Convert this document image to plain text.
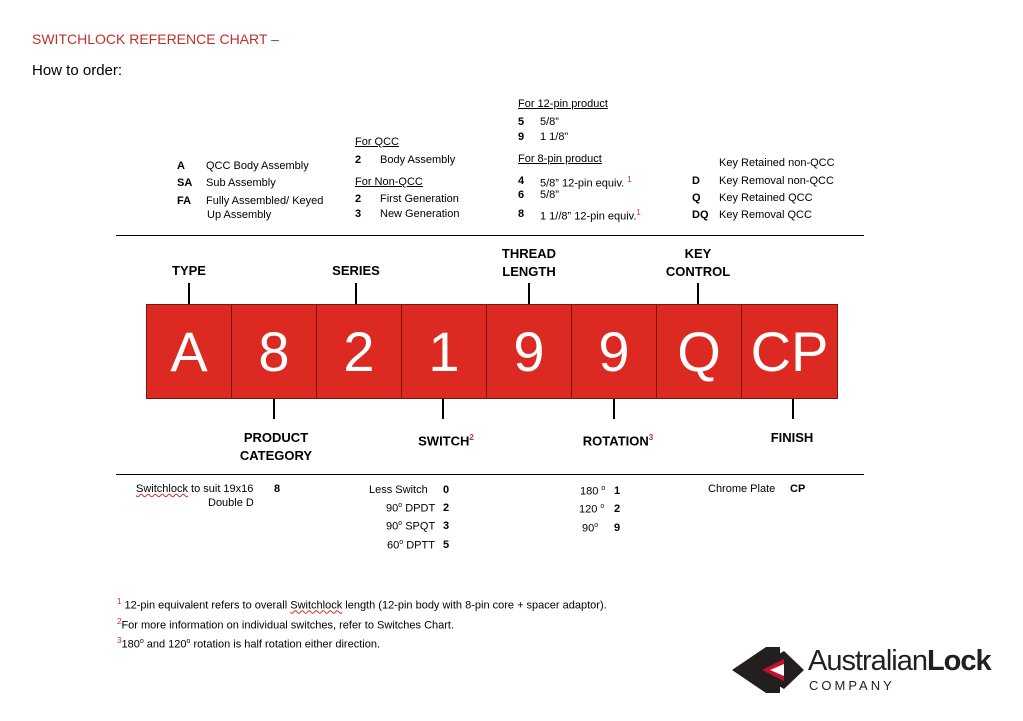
SWITCHLOCK REFERENCE CHART –
How to order:
A QCC Body Assembly
SA Sub Assembly
FA Fully Assembled/ Keyed
Up Assembly
For QCC
2 Body Assembly
For Non-QCC
2 First Generation
3 New Generation
For 12-pin product
5 5/8”
9 1 1/8”
For 8-pin product
4 5/8” 12-pin equiv. $^1$
6 5/8”
8 1 1//8” 12-pin equiv.$^1$
Key Retained non-QCC
D Key Removal non-QCC
Q Key Retained QCC
DQ Key Removal QCC
TYPE	SERIES
THREAD
LENGTH
KEY
CONTROL
A 8 2 1 9 9 Q CP
PRODUCT
CATEGORY
SWITCH$^2$	ROTATION$^3$	FINISH
Switchlock to suit 19x16
Double D
8	Less Switch 0
90$^o$ DPDT 2
90$^o$ SPQT 3
60$^o$ DPTT 5
180 $^o$ 1
120 $^o$ 2
90$^o$ 9
Chrome Plate CP
$^1$ 12-pin equivalent refers to overall Switchlock length (12-pin body with 8-pin core + spacer adaptor).
$^2$For more information on individual switches, refer to Switches Chart.
$^3$180$^o$ and 120$^o$ rotation is half rotation either direction.
AustralianLock
COMPANY
